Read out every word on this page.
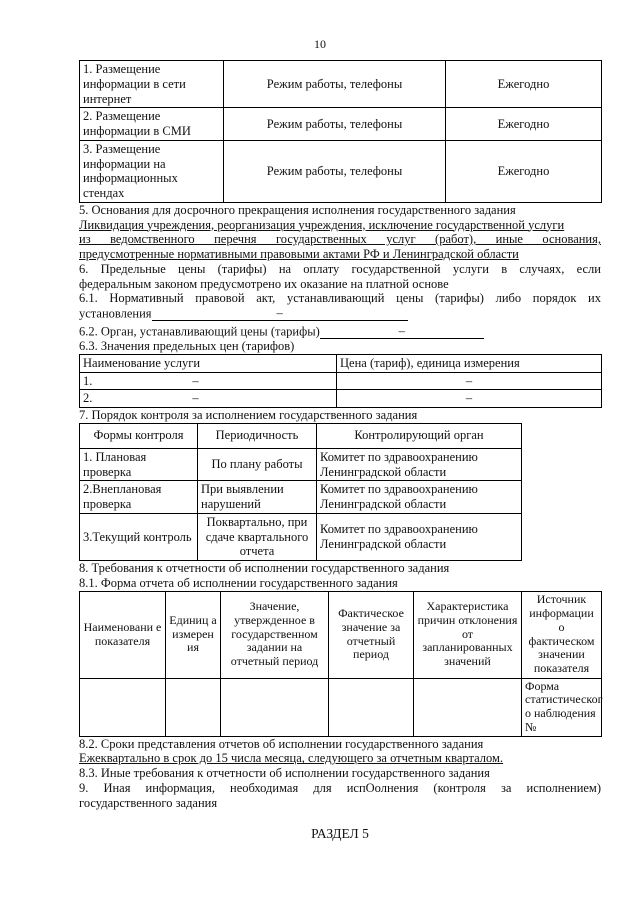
10
1. Размещение информации в сети интернет	Режим работы, телефоны	Ежегодно
2. Размещение информации в СМИ	Режим работы, телефоны	Ежегодно
3. Размещение информации на информационных стендах	Режим работы, телефоны	Ежегодно

5. Основания для досрочного прекращения исполнения государственного задания

Ликвидация учреждения, реорганизация учреждения, исключение государственной услуги

из ведомственного перечня государственных услуг (работ), иные основания,

предусмотренные нормативными правовыми актами РФ и Ленинградской области

6. Предельные цены (тарифы) на оплату государственной услуги в случаях, если

федеральным законом предусмотрено их оказание на платной основе

6.1. Нормативный правовой акт, устанавливающий цены (тарифы) либо порядок их

установления	–

6.2. Орган, устанавливающий цены (тарифы)	–

6.3. Значения предельных цен (тарифов)

Наименование услуги	Цена (тариф), единица измерения
1. –	–
2. –	–

7. Порядок контроля за исполнением государственного задания

Формы контроля	Периодичность	Контролирующий орган
1. Плановая проверка	По плану работы	Комитет по здравоохранению Ленинградской области
2.Внеплановая проверка	При выявлении нарушений	Комитет по здравоохранению Ленинградской области
3.Текущий контроль	Поквартально, при сдаче квартального отчета	Комитет по здравоохранению Ленинградской области

8. Требования к отчетности об исполнении государственного задания

8.1. Форма отчета об исполнении государственного задания

Наименовани е показателя	Единиц а измерен ия	Значение, утвержденное в государственном задании на отчетный период	Фактическое значение за отчетный период	Характеристика причин отклонения от запланированных значений	Источник информации о фактическом значении показателя
					Форма статистическог о наблюдения №

8.2. Сроки представления отчетов об исполнении государственного задания

Ежеквартально в срок до 15 числа месяца, следующего за отчетным кварталом.

8.3. Иные требования к отчетности об исполнении государственного задания

9. Иная информация, необходимая для испОолнения (контроля за исполнением)

государственного задания

РАЗДЕЛ 5
